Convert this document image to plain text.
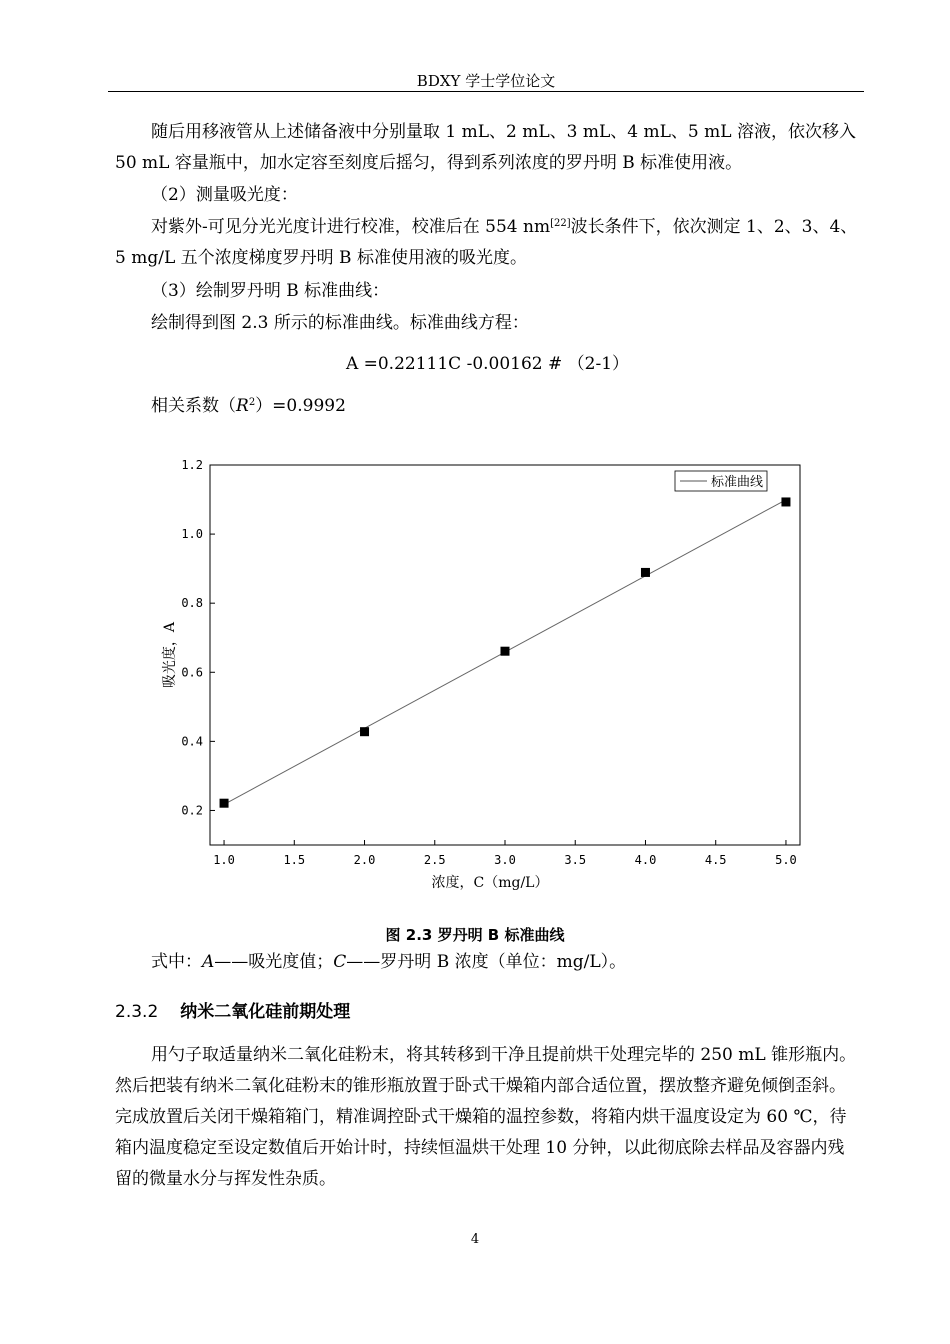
BDXY 学士学位论文

随后用移液管从上述储备液中分别量取 1 mL、2 mL、3 mL、4 mL、5 mL 溶液，依次移入 50 mL 容量瓶中，加水定容至刻度后摇匀，得到系列浓度的罗丹明 B 标准使用液。

（2）测量吸光度：

对紫外-可见分光光度计进行校准，校准后在 554 nm[22]波长条件下，依次测定 1、2、3、4、5 mg/L 五个浓度梯度罗丹明 B 标准使用液的吸光度。

（3）绘制罗丹明 B 标准曲线：

绘制得到图 2.3 所示的标准曲线。标准曲线方程：

A =0.22111C -0.00162 # （2-1）

相关系数$(R^2)=0.9992$

1.0	1.5	2.0	2.5	3.0	3.5	4.0	4.5	5.0
0.2
0.4
0.6
0.8
1.0
1.2
标准曲线
浓度，C（mg/L）
吸光度，A
图 2.3 罗丹明 B 标准曲线

式中：A——吸光度值；C——罗丹明 B 浓度（单位：mg/L）。

2.3.2 纳米二氧化硅前期处理

用勺子取适量纳米二氧化硅粉末，将其转移到干净且提前烘干处理完毕的 250 mL 锥形瓶内。然后把装有纳米二氧化硅粉末的锥形瓶放置于卧式干燥箱内部合适位置，摆放整齐避免倾倒歪斜。完成放置后关闭干燥箱箱门，精准调控卧式干燥箱的温控参数，将箱内烘干温度设定为 60 ℃，待箱内温度稳定至设定数值后开始计时，持续恒温烘干处理 10 分钟，以此彻底除去样品及容器内残留的微量水分与挥发性杂质。

4
